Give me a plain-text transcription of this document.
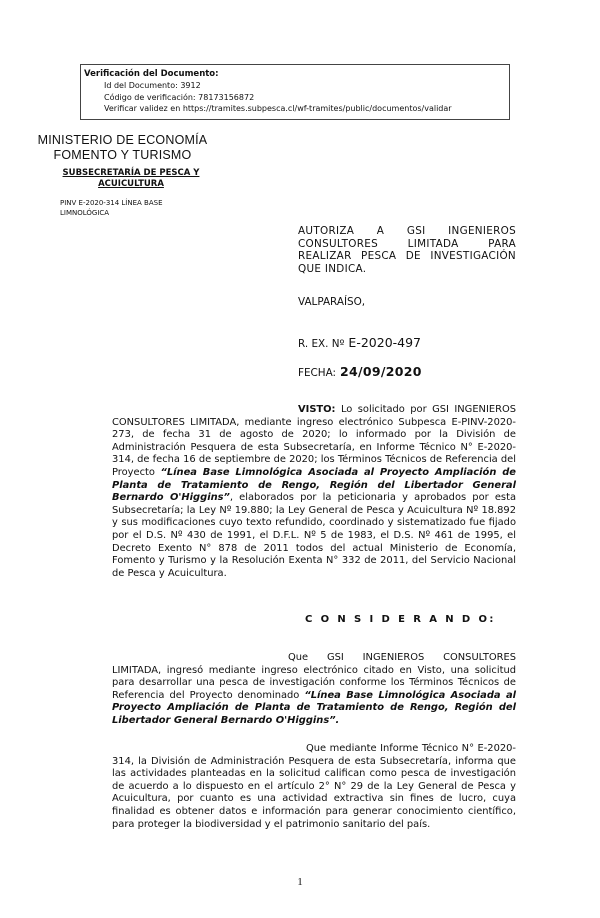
Verificación del Documento:
• Id del Documento: 3912
• Código de verificación: 78173156872
• Verificar validez en https://tramites.subpesca.cl/wf-tramites/public/documentos/validar
MINISTERIO DE ECONOMÍA
FOMENTO Y TURISMO
SUBSECRETARÍA DE PESCA Y
ACUICULTURA
PINV E-2020-314 LÍNEA BASE
LIMNOLÓGICA
AUTORIZA A GSI INGENIEROS
CONSULTORES LIMITADA PARA
REALIZAR PESCA DE INVESTIGACIÓN
QUE INDICA.
VALPARAÍSO,
R. EX. Nº E-2020-497
FECHA: 24/09/2020
VISTO: Lo solicitado por GSI INGENIEROS CONSULTORES LIMITADA, mediante ingreso electrónico Subpesca E-PINV-2020-273, de fecha 31 de agosto de 2020; lo informado por la División de Administración Pesquera de esta Subsecretaría, en Informe Técnico N° E-2020-314, de fecha 16 de septiembre de 2020; los Términos Técnicos de Referencia del Proyecto “Línea Base Limnológica Asociada al Proyecto Ampliación de Planta de Tratamiento de Rengo, Región del Libertador General Bernardo O'Higgins”, elaborados por la peticionaria y aprobados por esta Subsecretaría; la Ley Nº 19.880; la Ley General de Pesca y Acuicultura Nº 18.892 y sus modificaciones cuyo texto refundido, coordinado y sistematizado fue fijado por el D.S. Nº 430 de 1991, el D.F.L. Nº 5 de 1983, el D.S. Nº 461 de 1995, el Decreto Exento N° 878 de 2011 todos del actual Ministerio de Economía, Fomento y Turismo y la Resolución Exenta N° 332 de 2011, del Servicio Nacional de Pesca y Acuicultura.
C O N S I D E R A N D O:
Que GSI INGENIEROS CONSULTORES LIMITADA, ingresó mediante ingreso electrónico citado en Visto, una solicitud para desarrollar una pesca de investigación conforme los Términos Técnicos de Referencia del Proyecto denominado “Línea Base Limnológica Asociada al Proyecto Ampliación de Planta de Tratamiento de Rengo, Región del Libertador General Bernardo O'Higgins”.
Que mediante Informe Técnico N° E-2020-314, la División de Administración Pesquera de esta Subsecretaría, informa que las actividades planteadas en la solicitud califican como pesca de investigación de acuerdo a lo dispuesto en el artículo 2° N° 29 de la Ley General de Pesca y Acuicultura, por cuanto es una actividad extractiva sin fines de lucro, cuya finalidad es obtener datos e información para generar conocimiento científico, para proteger la biodiversidad y el patrimonio sanitario del país.
1
